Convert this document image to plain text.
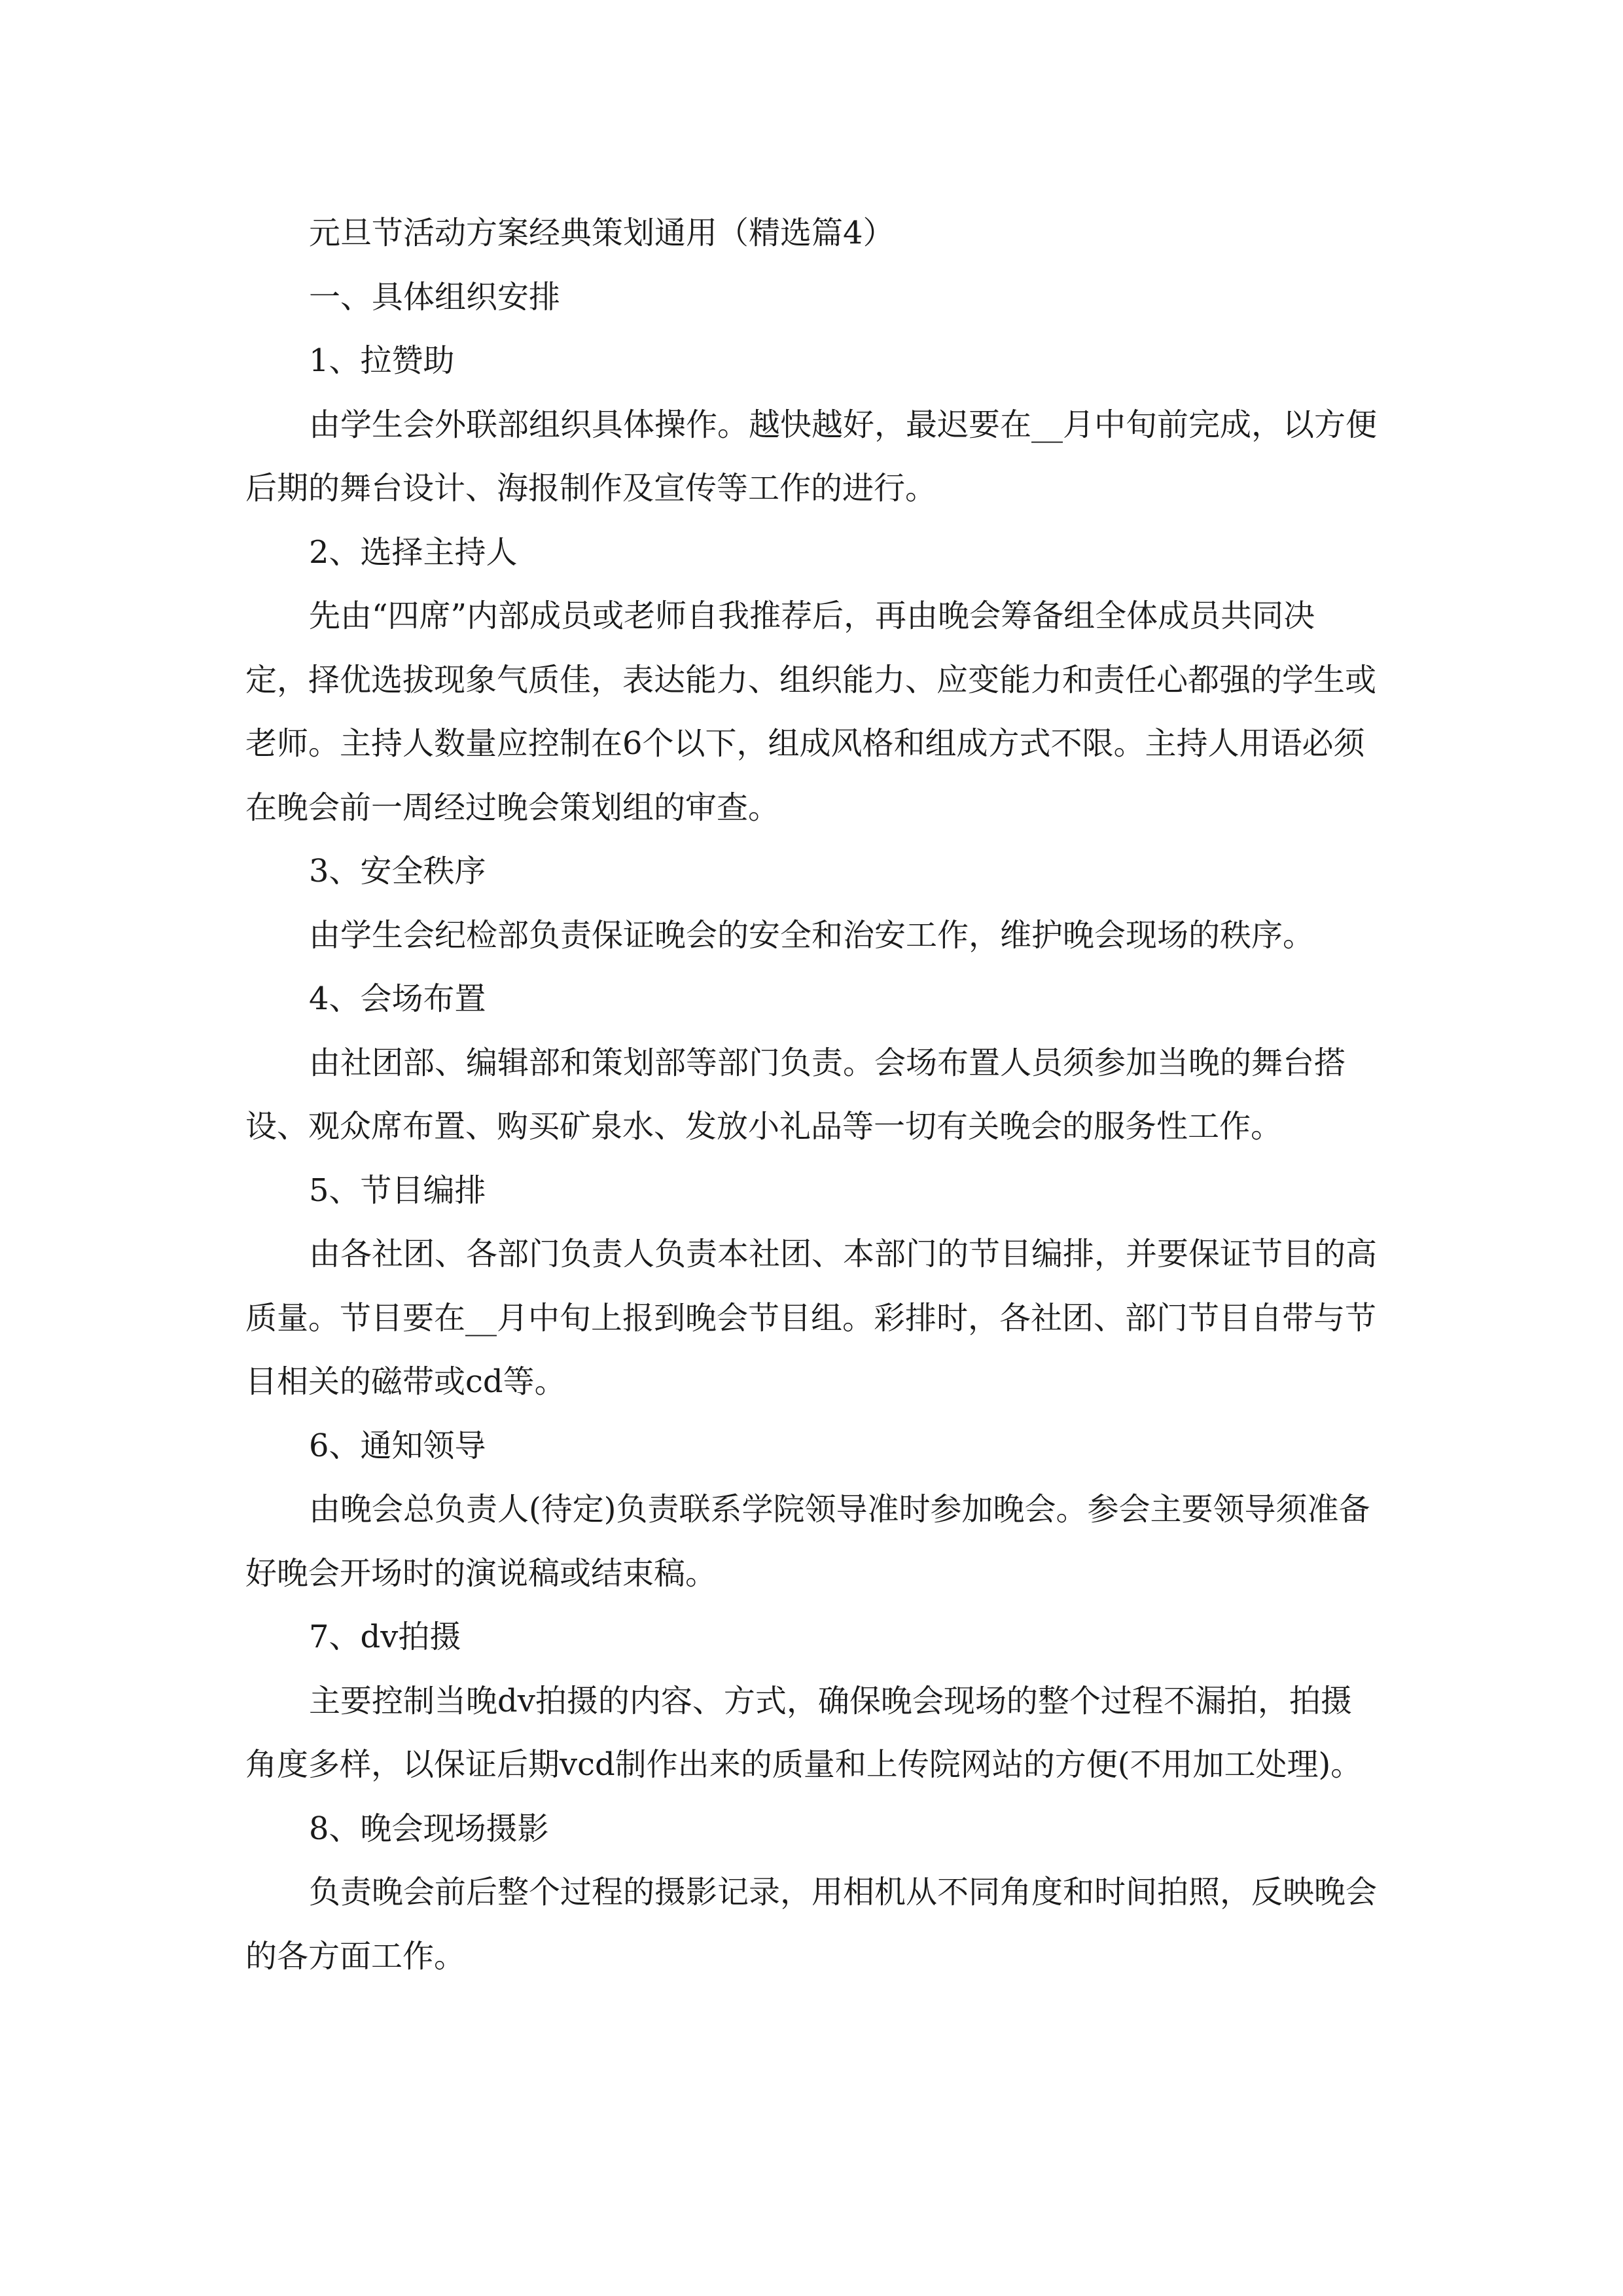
元旦节活动方案经典策划通用（精选篇4）

一、具体组织安排

1、拉赞助

由学生会外联部组织具体操作。越快越好，最迟要在__月中旬前完成，以方便后期的舞台设计、海报制作及宣传等工作的进行。

2、选择主持人

先由“四席”内部成员或老师自我推荐后，再由晚会筹备组全体成员共同决定，择优选拔现象气质佳，表达能力、组织能力、应变能力和责任心都强的学生或老师。主持人数量应控制在6个以下，组成风格和组成方式不限。主持人用语必须在晚会前一周经过晚会策划组的审查。

3、安全秩序

由学生会纪检部负责保证晚会的安全和治安工作，维护晚会现场的秩序。

4、会场布置

由社团部、编辑部和策划部等部门负责。会场布置人员须参加当晚的舞台搭设、观众席布置、购买矿泉水、发放小礼品等一切有关晚会的服务性工作。

5、节目编排

由各社团、各部门负责人负责本社团、本部门的节目编排，并要保证节目的高质量。节目要在__月中旬上报到晚会节目组。彩排时，各社团、部门节目自带与节目相关的磁带或cd等。

6、通知领导

由晚会总负责人(待定)负责联系学院领导准时参加晚会。参会主要领导须准备好晚会开场时的演说稿或结束稿。

7、dv拍摄

主要控制当晚dv拍摄的内容、方式，确保晚会现场的整个过程不漏拍，拍摄角度多样，以保证后期vcd制作出来的质量和上传院网站的方便(不用加工处理)。

8、晚会现场摄影

负责晚会前后整个过程的摄影记录，用相机从不同角度和时间拍照，反映晚会的各方面工作。
